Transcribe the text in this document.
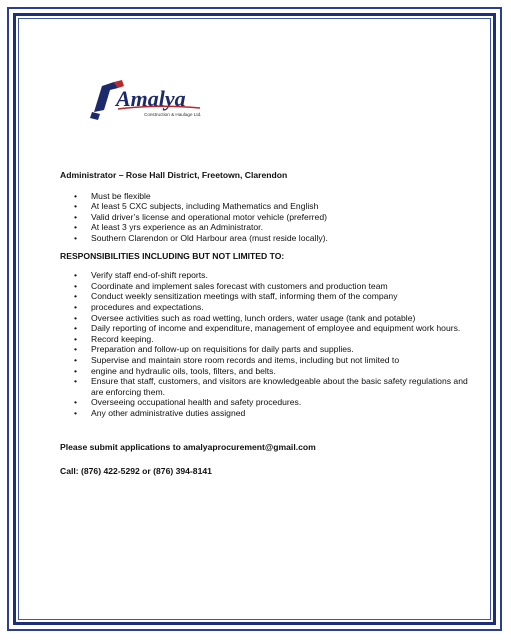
Amalya
Construction & Haulage Ltd.
Administrator – Rose Hall District, Freetown, Clarendon
• Must be flexible
• At least 5 CXC subjects, including Mathematics and English
• Valid driver’s license and operational motor vehicle (preferred)
• At least 3 yrs experience as an Administrator.
• Southern Clarendon or Old Harbour area (must reside locally).
RESPONSIBILITIES INCLUDING BUT NOT LIMITED TO:
• Verify staff end-of-shift reports.
• Coordinate and implement sales forecast with customers and production team
• Conduct weekly sensitization meetings with staff, informing them of the company
• procedures and expectations.
• Oversee activities such as road wetting, lunch orders, water usage (tank and potable)
• Daily reporting of income and expenditure, management of employee and equipment work hours.
• Record keeping.
• Preparation and follow-up on requisitions for daily parts and supplies.
• Supervise and maintain store room records and items, including but not limited to
• engine and hydraulic oils, tools, filters, and belts.
• Ensure that staff, customers, and visitors are knowledgeable about the basic safety regulations and are enforcing them.
• Overseeing occupational health and safety procedures.
• Any other administrative duties assigned
Please submit applications to amalyaprocurement@gmail.com
Call: (876) 422-5292 or (876) 394-8141
